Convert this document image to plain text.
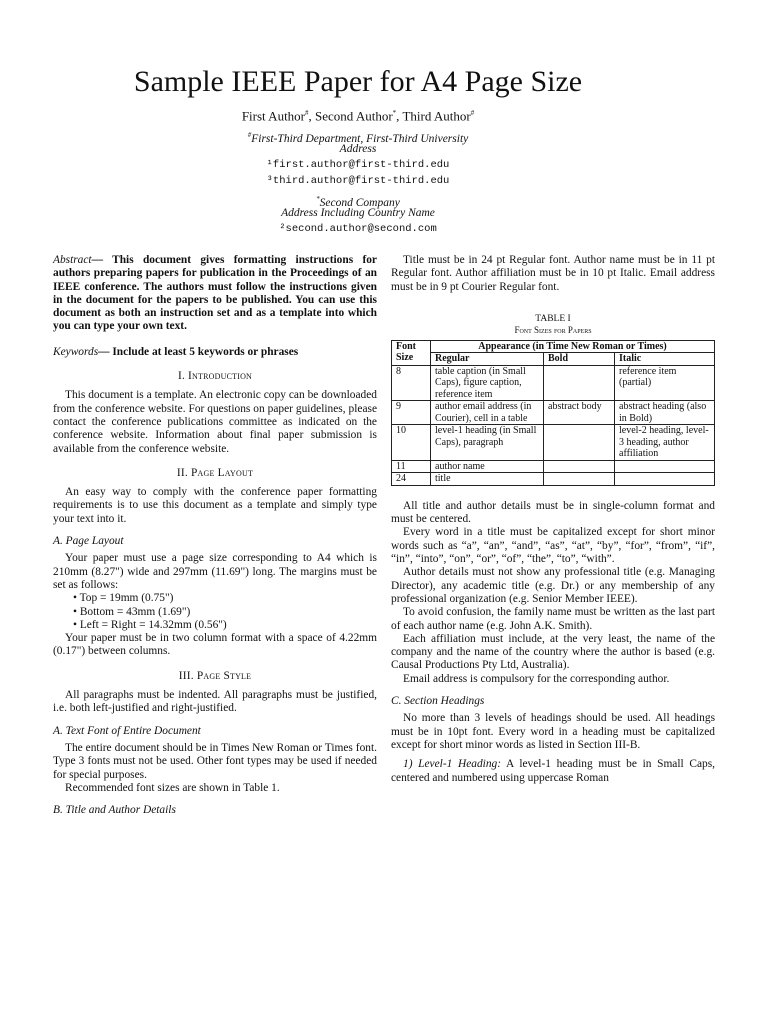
Sample IEEE Paper for A4 Page Size
First Author#, Second Author*, Third Author#
#First-Third Department, First-Third University
Address
¹first.author@first-third.edu
³third.author@first-third.edu
*Second Company
Address Including Country Name
²second.author@second.com

Abstract— This document gives formatting instructions for authors preparing papers for publication in the Proceedings of an IEEE conference. The authors must follow the instructions given in the document for the papers to be published. You can use this document as both an instruction set and as a template into which you can type your own text.

Keywords— Include at least 5 keywords or phrases

I. Introduction

This document is a template. An electronic copy can be downloaded from the conference website. For questions on paper guidelines, please contact the conference publications committee as indicated on the conference website. Information about final paper submission is available from the conference website.

II. Page Layout

An easy way to comply with the conference paper formatting requirements is to use this document as a template and simply type your text into it.

A. Page Layout

Your paper must use a page size corresponding to A4 which is 210mm (8.27") wide and 297mm (11.69") long. The margins must be set as follows:

• Top = 19mm (0.75")
• Bottom = 43mm (1.69")
• Left = Right = 14.32mm (0.56")

Your paper must be in two column format with a space of 4.22mm (0.17") between columns.

III. Page Style

All paragraphs must be indented. All paragraphs must be justified, i.e. both left-justified and right-justified.

A. Text Font of Entire Document

The entire document should be in Times New Roman or Times font. Type 3 fonts must not be used. Other font types may be used if needed for special purposes.

Recommended font sizes are shown in Table 1.

B. Title and Author Details

Title must be in 24 pt Regular font. Author name must be in 11 pt Regular font. Author affiliation must be in 10 pt Italic. Email address must be in 9 pt Courier Regular font.

TABLE I
Font Sizes for Papers
Font Size	Appearance (in Time New Roman or Times)		
	Regular	Bold	Italic
8	table caption (in Small Caps), figure caption, reference item		reference item (partial)
9	author email address (in Courier), cell in a table	abstract body	abstract heading (also in Bold)
10	level-1 heading (in Small Caps), paragraph		level-2 heading, level-3 heading, author affiliation
11	author name		
24	title		

All title and author details must be in single-column format and must be centered.

Every word in a title must be capitalized except for short minor words such as “a”, “an”, “and”, “as”, “at”, “by”, “for”, “from”, “if”, “in”, “into”, “on”, “or”, “of”, “the”, “to”, “with”.

Author details must not show any professional title (e.g. Managing Director), any academic title (e.g. Dr.) or any membership of any professional organization (e.g. Senior Member IEEE).

To avoid confusion, the family name must be written as the last part of each author name (e.g. John A.K. Smith).

Each affiliation must include, at the very least, the name of the company and the name of the country where the author is based (e.g. Causal Productions Pty Ltd, Australia).

Email address is compulsory for the corresponding author.

C. Section Headings

No more than 3 levels of headings should be used. All headings must be in 10pt font. Every word in a heading must be capitalized except for short minor words as listed in Section III-B.

1) Level-1 Heading: A level-1 heading must be in Small Caps, centered and numbered using uppercase Roman
